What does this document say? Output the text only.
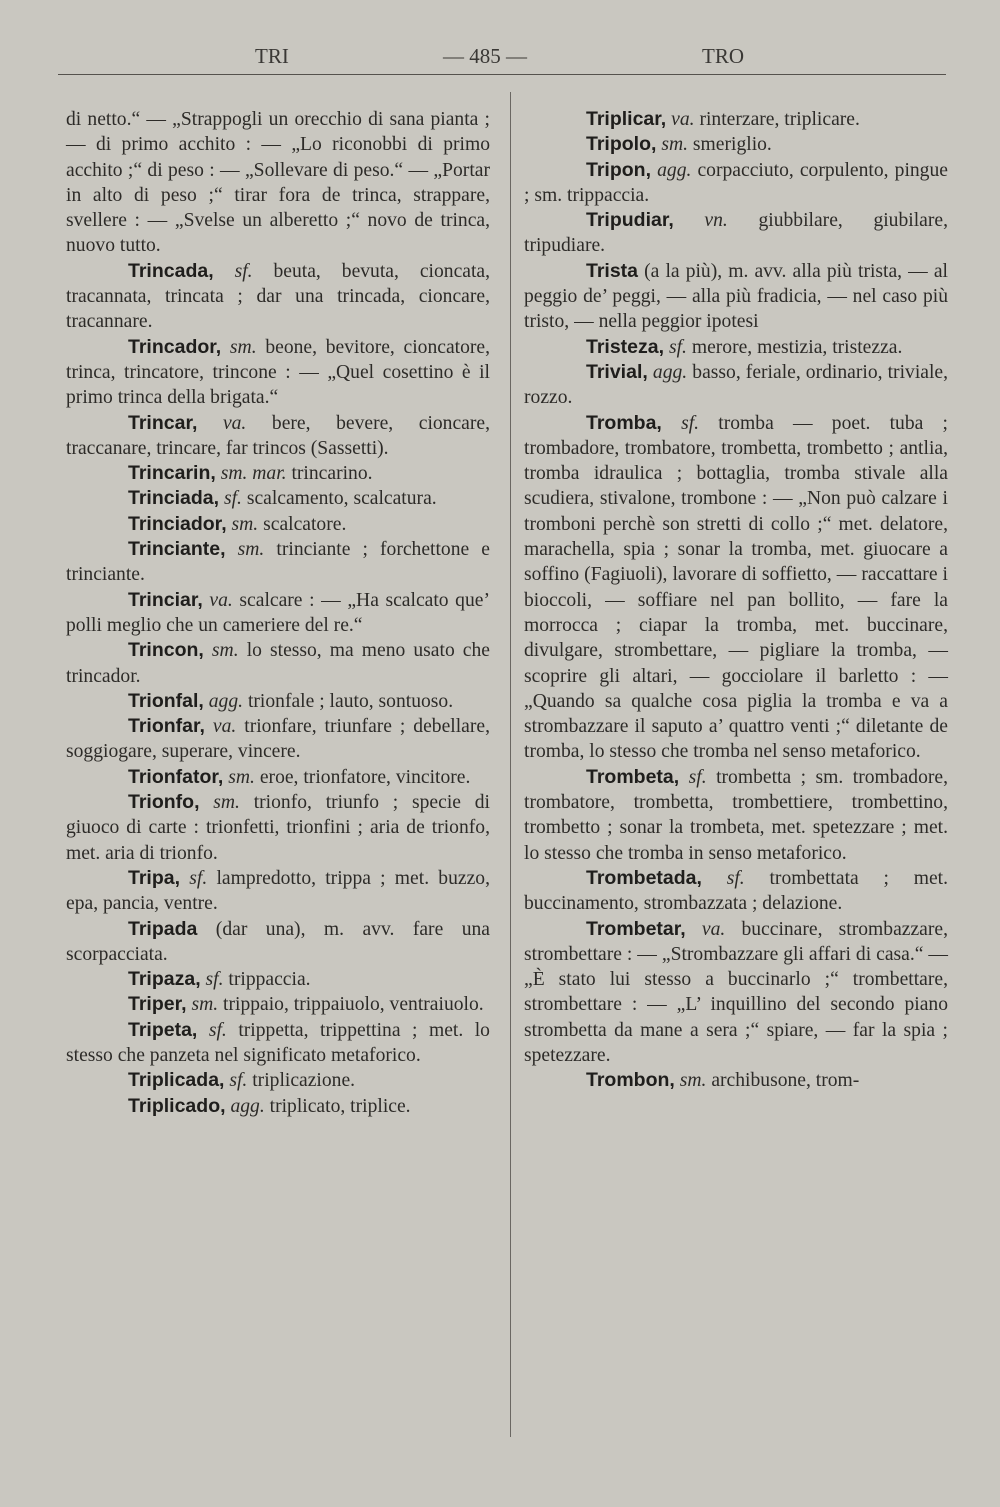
TRI	— 485 —	TRO

di netto.“ — „Strappogli un orecchio di sana pianta ; — di primo acchito : — „Lo riconobbi di primo acchito ;“ di peso : — „Sollevare di peso.“ — „Portar in alto di peso ;“ tirar fora de trinca, strappare, svellere : — „Svelse un alberetto ;“ novo de trinca, nuovo tutto.

Trincada, sf. beuta, bevuta, cioncata, tracannata, trincata ; dar una trincada, cioncare, tracannare.

Trincador, sm. beone, bevitore, cioncatore, trinca, trincatore, trincone : — „Quel cosettino è il primo trinca della brigata.“

Trincar, va. bere, bevere, cioncare, traccanare, trincare, far trincos (Sassetti).

Trincarin, sm. mar. trincarino.

Trinciada, sf. scalcamento, scalcatura.

Trinciador, sm. scalcatore.

Trinciante, sm. trinciante ; forchettone e trinciante.

Trinciar, va. scalcare : — „Ha scalcato que’ polli meglio che un cameriere del re.“

Trincon, sm. lo stesso, ma meno usato che trincador.

Trionfal, agg. trionfale ; lauto, sontuoso.

Trionfar, va. trionfare, triunfare ; debellare, soggiogare, superare, vincere.

Trionfator, sm. eroe, trionfatore, vincitore.

Trionfo, sm. trionfo, triunfo ; specie di giuoco di carte : trionfetti, trionfini ; aria de trionfo, met. aria di trionfo.

Tripa, sf. lampredotto, trippa ; met. buzzo, epa, pancia, ventre.

Tripada (dar una), m. avv. fare una scorpacciata.

Tripaza, sf. trippaccia.

Triper, sm. trippaio, trippaiuolo, ventraiuolo.

Tripeta, sf. trippetta, trippettina ; met. lo stesso che panzeta nel significato metaforico.

Triplicada, sf. triplicazione.

Triplicado, agg. triplicato, triplice.

Triplicar, va. rinterzare, triplicare.

Tripolo, sm. smeriglio.

Tripon, agg. corpacciuto, corpulento, pingue ; sm. trippaccia.

Tripudiar, vn. giubbilare, giubilare, tripudiare.

Trista (a la più), m. avv. alla più trista, — al peggio de’ peggi, — alla più fradicia, — nel caso più tristo, — nella peggior ipotesi

Tristeza, sf. merore, mestizia, tristezza.

Trivial, agg. basso, feriale, ordinario, triviale, rozzo.

Tromba, sf. tromba — poet. tuba ; trombadore, trombatore, trombetta, trombetto ; antlia, tromba idraulica ; bottaglia, tromba stivale alla scudiera, stivalone, trombone : — „Non può calzare i tromboni perchè son stretti di collo ;“ met. delatore, marachella, spia ; sonar la tromba, met. giuocare a soffino (Fagiuoli), lavorare di soffietto, — raccattare i bioccoli, — soffiare nel pan bollito, — fare la morrocca ; ciapar la tromba, met. buccinare, divulgare, strombettare, — pigliare la tromba, — scoprire gli altari, — gocciolare il barletto : — „Quando sa qualche cosa piglia la tromba e va a strombazzare il saputo a’ quattro venti ;“ diletante de tromba, lo stesso che tromba nel senso metaforico.

Trombeta, sf. trombetta ; sm. trombadore, trombatore, trombetta, trombettiere, trombettino, trombetto ; sonar la trombeta, met. spetezzare ; met. lo stesso che tromba in senso metaforico.

Trombetada, sf. trombettata ; met. buccinamento, strombazzata ; delazione.

Trombetar, va. buccinare, strombazzare, strombettare : — „Strombazzare gli affari di casa.“ — „È stato lui stesso a buccinarlo ;“ trombettare, strombettare : — „L’ inquillino del secondo piano strombetta da mane a sera ;“ spiare, — far la spia ; spetezzare.

Trombon, sm. archibusone, trom-
